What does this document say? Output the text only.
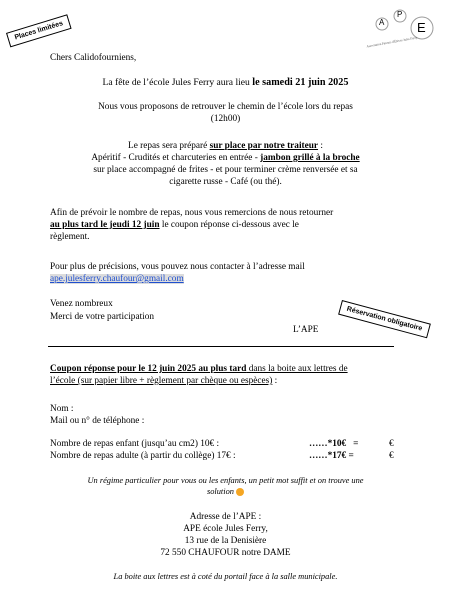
Places limitées	A
P
E
Association Parents d'Élèves Jules Ferry
Chers Calidofourniens,
La fête de l’école Jules Ferry aura lieu le samedi 21 juin 2025
Nous vous proposons de retrouver le chemin de l’école lors du repas
(12h00)
Le repas sera préparé sur place par notre traiteur :
Apéritif - Crudités et charcuteries en entrée - jambon grillé à la broche
sur place accompagné de frites - et pour terminer crème renversée et sa
cigarette russe - Café (ou thé).
Afin de prévoir le nombre de repas, nous vous remercions de nous retourner
au plus tard le jeudi 12 juin le coupon réponse ci-dessous avec le
règlement.
Pour plus de précisions, vous pouvez nous contacter à l’adresse mail
ape.julesferry.chaufour@gmail.com
Venez nombreux
Merci de votre participation
L’APE	Réservation obligatoire
Coupon réponse pour le 12 juin 2025 au plus tard dans la boite aux lettres de
l’école (sur papier libre + règlement par chèque ou espèces) :
Nom :
Mail ou n° de téléphone :
Nombre de repas enfant (jusqu’au cm2) 10€ :	……*10€   =	€
Nombre de repas adulte (à partir du collège) 17€ :	……*17€ =	€
Un régime particulier pour vous ou les enfants, un petit mot suffit et on trouve une
solution
Adresse de l’APE :
APE école Jules Ferry,
13 rue de la Denisière
72 550 CHAUFOUR notre DAME
La boite aux lettres est à coté du portail face à la salle municipale.
